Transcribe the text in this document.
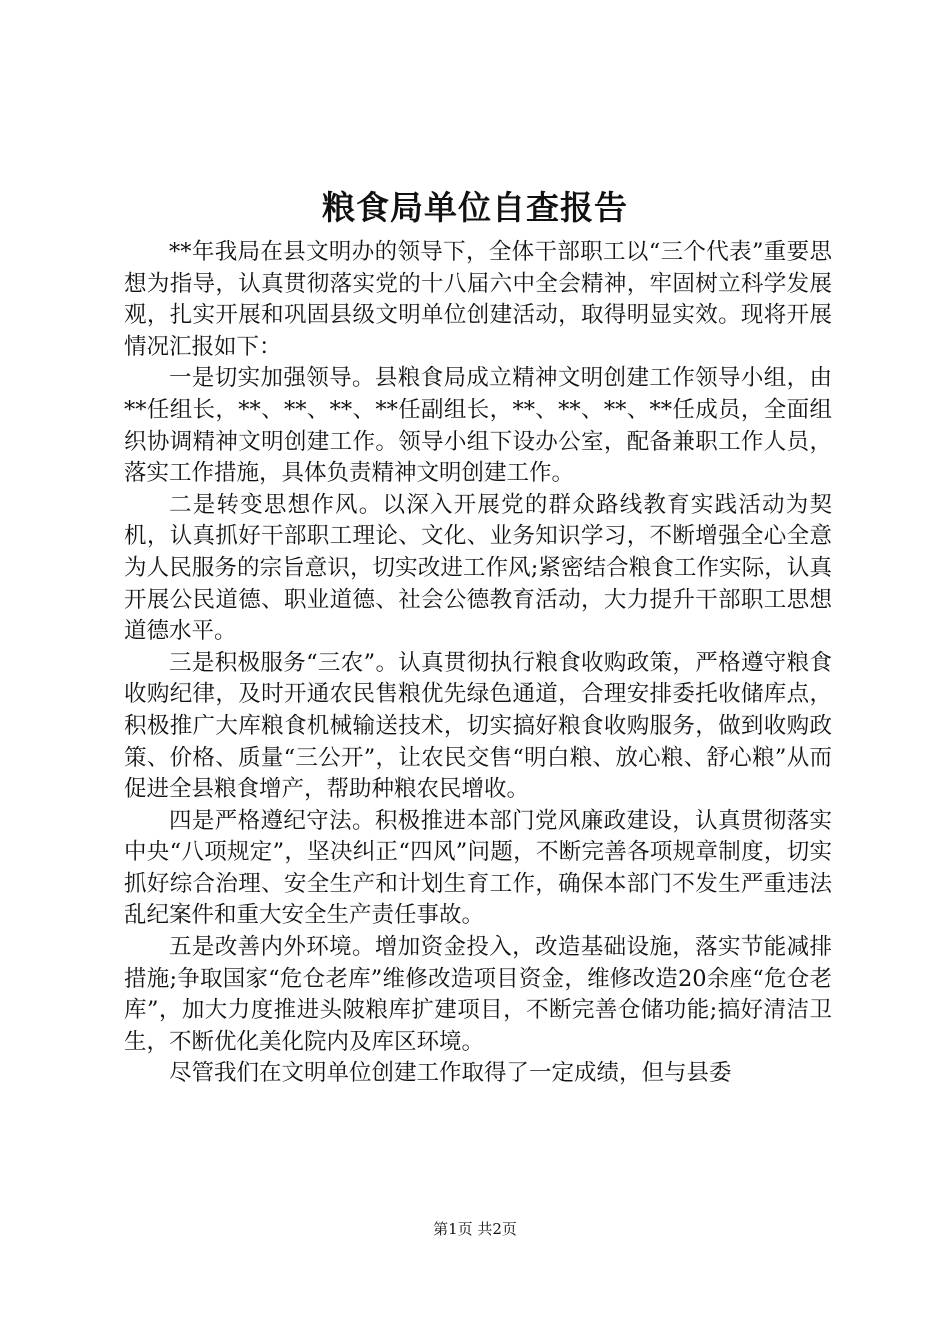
粮食局单位自查报告

**年我局在县文明办的领导下，全体干部职工以“三个代表”重要思想为指导，认真贯彻落实党的十八届六中全会精神，牢固树立科学发展观，扎实开展和巩固县级文明单位创建活动，取得明显实效。现将开展情况汇报如下：

一是切实加强领导。县粮食局成立精神文明创建工作领导小组，由**任组长，**、**、**、**任副组长，**、**、**、**任成员，全面组织协调精神文明创建工作。领导小组下设办公室，配备兼职工作人员，落实工作措施，具体负责精神文明创建工作。

二是转变思想作风。以深入开展党的群众路线教育实践活动为契机，认真抓好干部职工理论、文化、业务知识学习，不断增强全心全意为人民服务的宗旨意识，切实改进工作风;紧密结合粮食工作实际，认真开展公民道德、职业道德、社会公德教育活动，大力提升干部职工思想道德水平。

三是积极服务“三农”。认真贯彻执行粮食收购政策，严格遵守粮食收购纪律，及时开通农民售粮优先绿色通道，合理安排委托收储库点，积极推广大库粮食机械输送技术，切实搞好粮食收购服务，做到收购政策、价格、质量“三公开”，让农民交售“明白粮、放心粮、舒心粮”从而促进全县粮食增产，帮助种粮农民增收。

四是严格遵纪守法。积极推进本部门党风廉政建设，认真贯彻落实中央“八项规定”，坚决纠正“四风”问题，不断完善各项规章制度，切实抓好综合治理、安全生产和计划生育工作，确保本部门不发生严重违法乱纪案件和重大安全生产责任事故。

五是改善内外环境。增加资金投入，改造基础设施，落实节能减排措施;争取国家“危仓老库”维修改造项目资金，维修改造20余座“危仓老库”，加大力度推进头陂粮库扩建项目，不断完善仓储功能;搞好清洁卫生，不断优化美化院内及库区环境。

尽管我们在文明单位创建工作取得了一定成绩，但与县委

第1页 共2页
